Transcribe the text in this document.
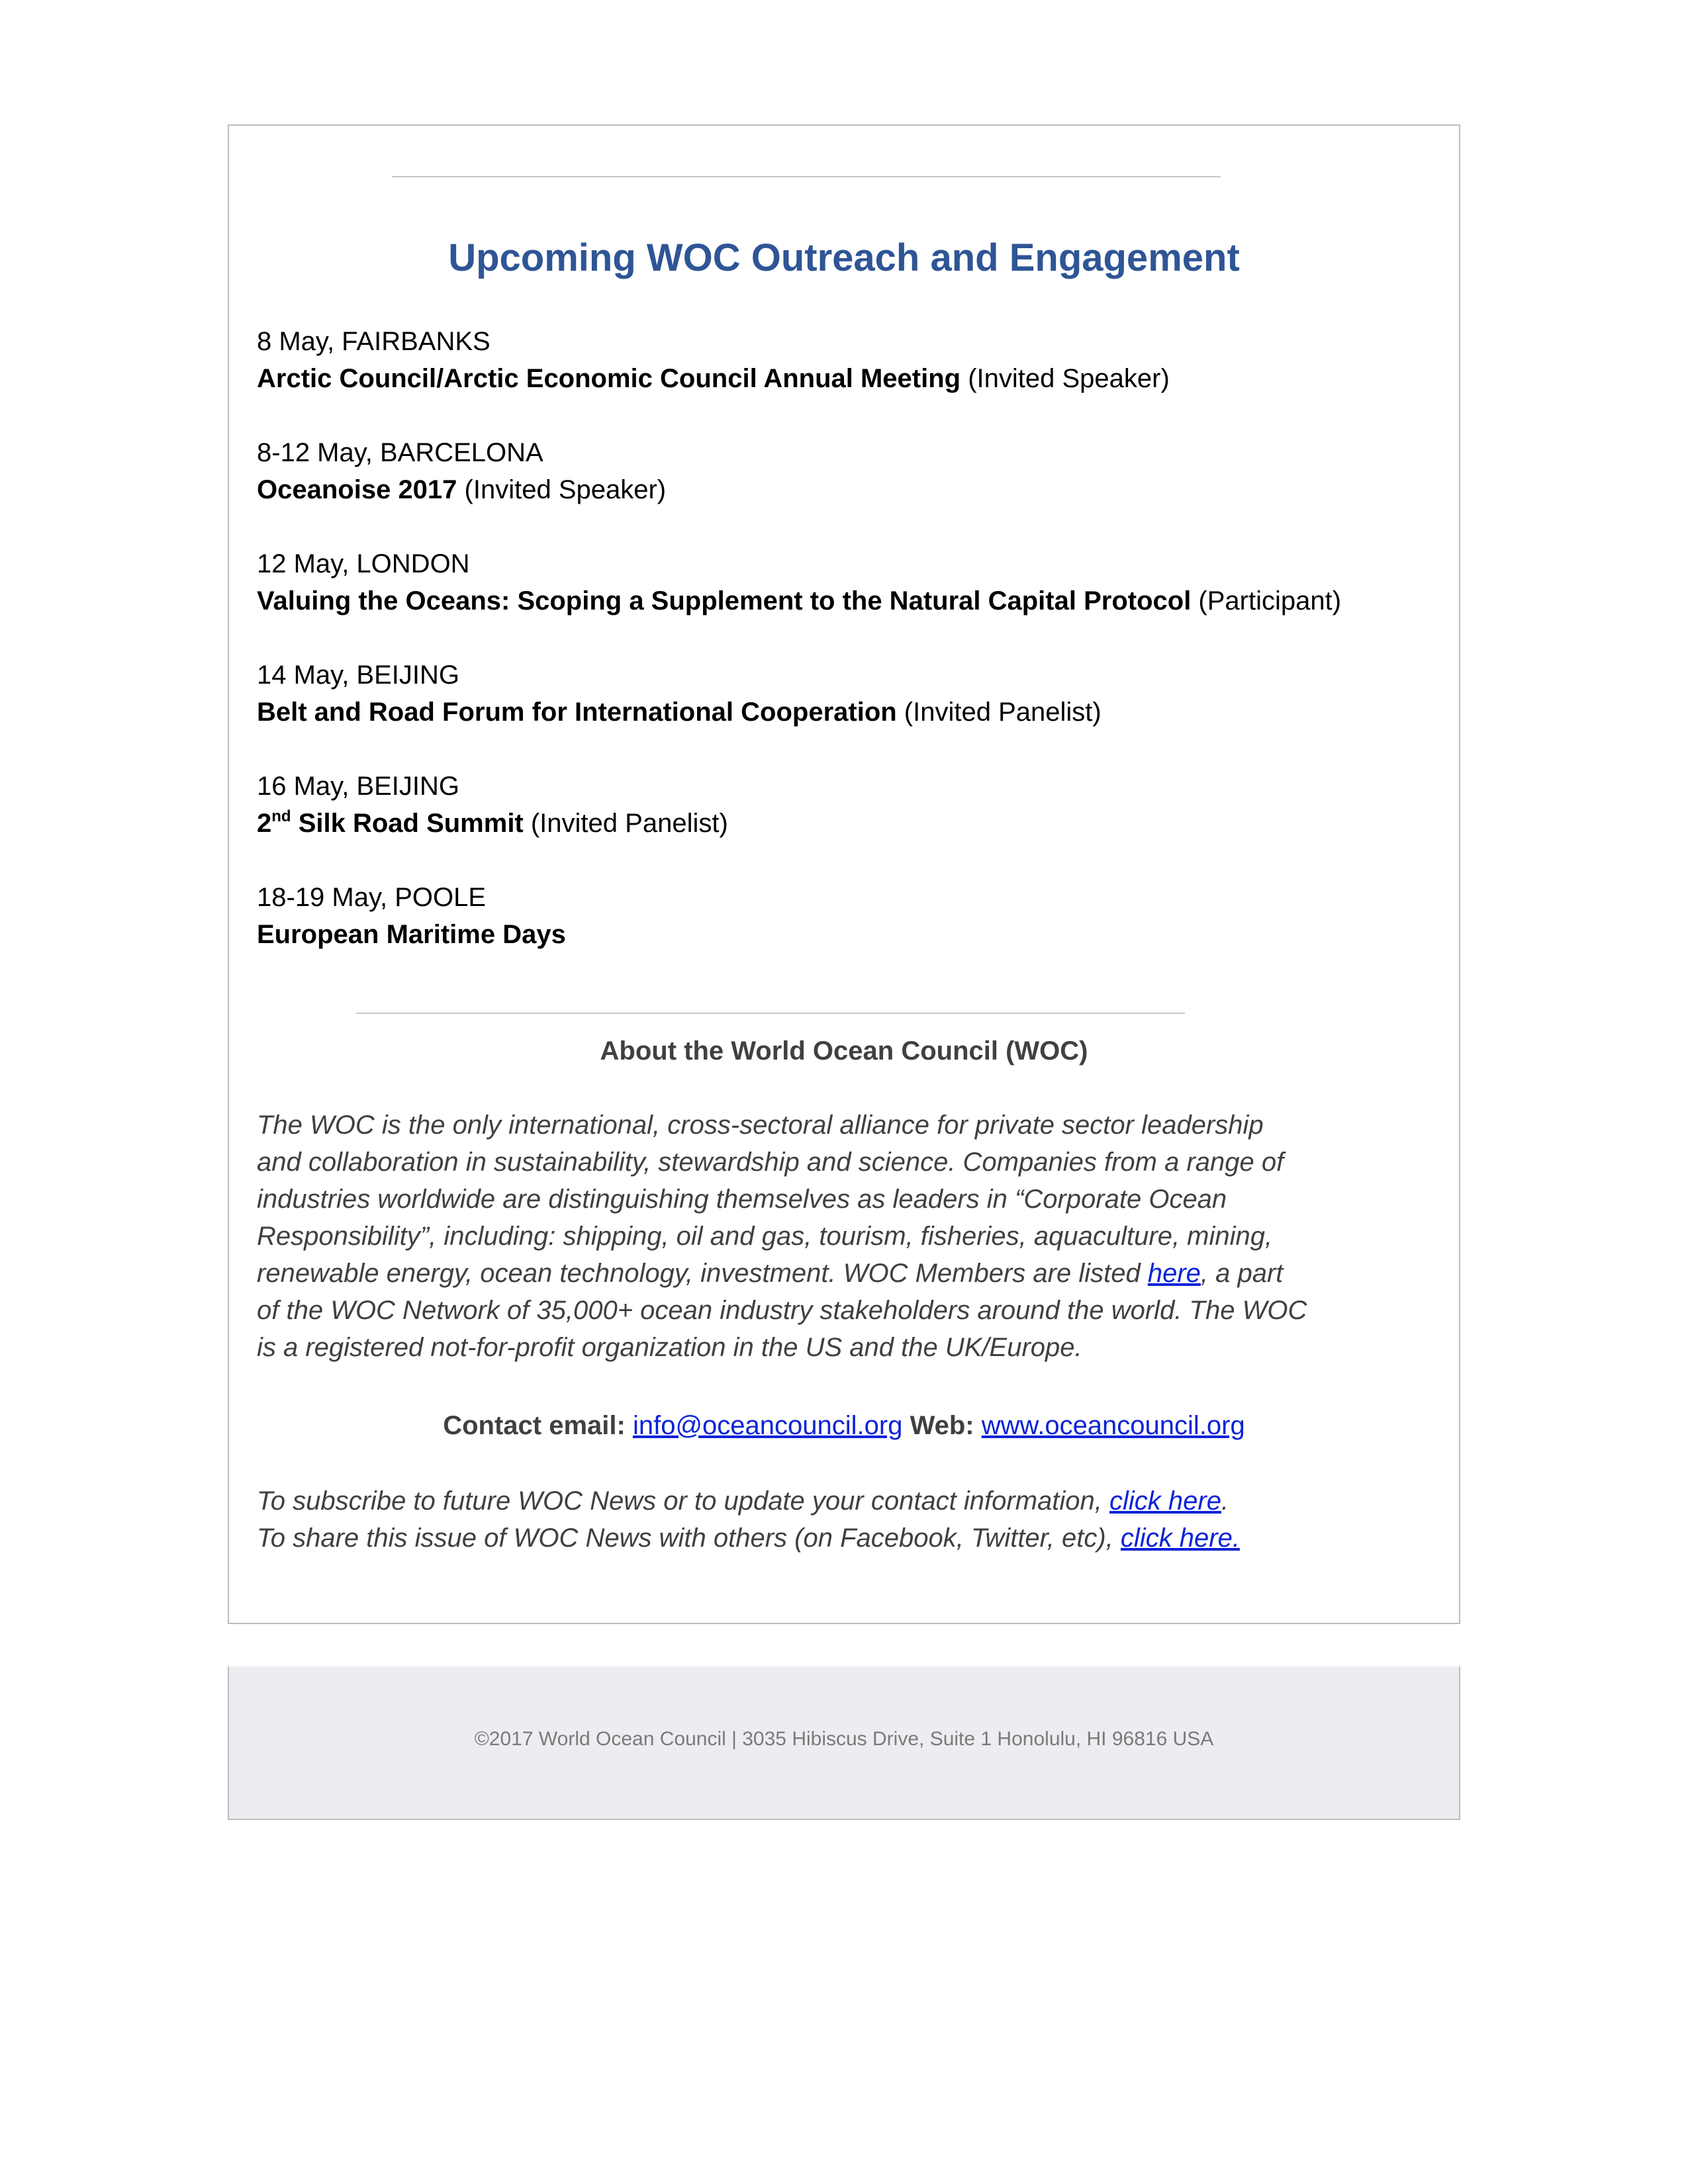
Upcoming WOC Outreach and Engagement
8 May, FAIRBANKS
Arctic Council/Arctic Economic Council Annual Meeting (Invited Speaker)
8-12 May, BARCELONA
Oceanoise 2017 (Invited Speaker)
12 May, LONDON
Valuing the Oceans: Scoping a Supplement to the Natural Capital Protocol (Participant)
14 May, BEIJING
Belt and Road Forum for International Cooperation (Invited Panelist)
16 May, BEIJING
2nd Silk Road Summit (Invited Panelist)
18-19 May, POOLE
European Maritime Days
About the World Ocean Council (WOC)
The WOC is the only international, cross-sectoral alliance for private sector leadership
and collaboration in sustainability, stewardship and science. Companies from a range of
industries worldwide are distinguishing themselves as leaders in “Corporate Ocean
Responsibility”, including: shipping, oil and gas, tourism, fisheries, aquaculture, mining,
renewable energy, ocean technology, investment. WOC Members are listed here, a part
of the WOC Network of 35,000+ ocean industry stakeholders around the world. The WOC
is a registered not-for-profit organization in the US and the UK/Europe.
Contact email: info@oceancouncil.org Web: www.oceancouncil.org
To subscribe to future WOC News or to update your contact information, click here.
To share this issue of WOC News with others (on Facebook, Twitter, etc), click here.
©2017 World Ocean Council | 3035 Hibiscus Drive, Suite 1 Honolulu, HI 96816 USA
